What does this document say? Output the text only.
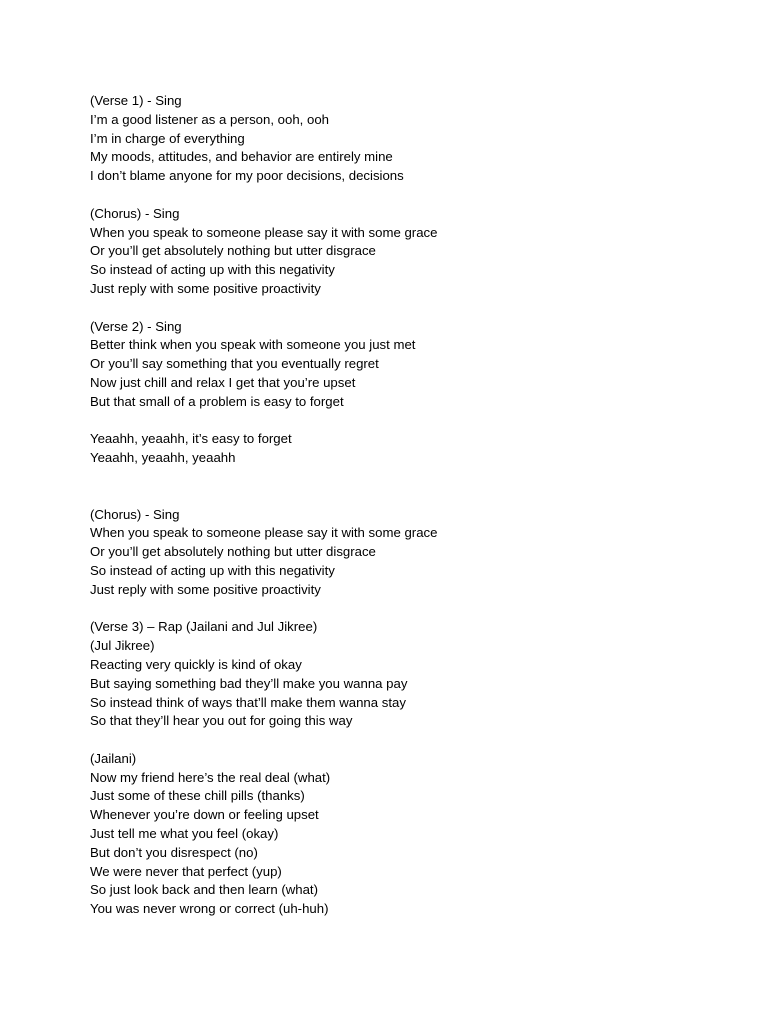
(Verse 1) - Sing
I’m a good listener as a person, ooh, ooh
I’m in charge of everything
My moods, attitudes, and behavior are entirely mine
I don’t blame anyone for my poor decisions, decisions
(Chorus) - Sing
When you speak to someone please say it with some grace
Or you’ll get absolutely nothing but utter disgrace
So instead of acting up with this negativity
Just reply with some positive proactivity
(Verse 2) - Sing
Better think when you speak with someone you just met
Or you’ll say something that you eventually regret
Now just chill and relax I get that you’re upset
But that small of a problem is easy to forget
Yeaahh, yeaahh, it’s easy to forget
Yeaahh, yeaahh, yeaahh
(Chorus) - Sing
When you speak to someone please say it with some grace
Or you’ll get absolutely nothing but utter disgrace
So instead of acting up with this negativity
Just reply with some positive proactivity
(Verse 3) – Rap (Jailani and Jul Jikree)
(Jul Jikree)
Reacting very quickly is kind of okay
But saying something bad they’ll make you wanna pay
So instead think of ways that’ll make them wanna stay
So that they’ll hear you out for going this way
(Jailani)
Now my friend here’s the real deal (what)
Just some of these chill pills (thanks)
Whenever you’re down or feeling upset
Just tell me what you feel (okay)
But don’t you disrespect (no)
We were never that perfect (yup)
So just look back and then learn (what)
You was never wrong or correct (uh-huh)
